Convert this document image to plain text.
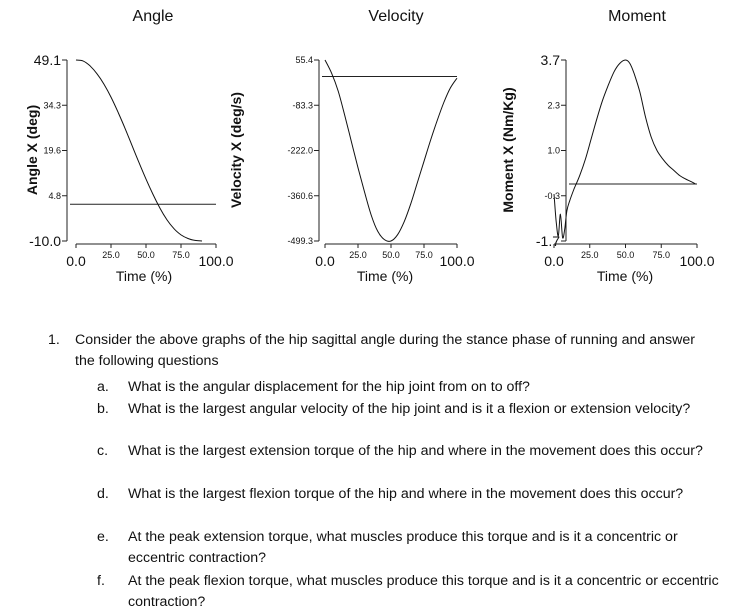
Angle
Angle X (deg)
49.1
34.3
19.6
4.8
-10.0
0.0 25.0 50.0 75.0 100.0
Time (%)
Velocity
Velocity X (deg/s)
55.4
-83.3
-222.0
-360.6
-499.3
0.0 25.0 50.0 75.0 100.0
Time (%)
Moment
Moment X (Nm/Kg)
3.7
2.3
1.0
-0.3
-1.7
0.0 25.0 50.0 75.0 100.0
Time (%)
1. Consider the above graphs of the hip sagittal angle during the stance phase of running and answer the following questions
a.	What is the angular displacement for the hip joint from on to off?
b.	What is the largest angular velocity of the hip joint and is it a flexion or extension velocity?
c.	What is the largest extension torque of the hip and where in the movement does this occur?
d.	What is the largest flexion torque of the hip and where in the movement does this occur?
e.	At the peak extension torque, what muscles produce this torque and is it a concentric or eccentric contraction?
f.	At the peak flexion torque, what muscles produce this torque and is it a concentric or eccentric contraction?
